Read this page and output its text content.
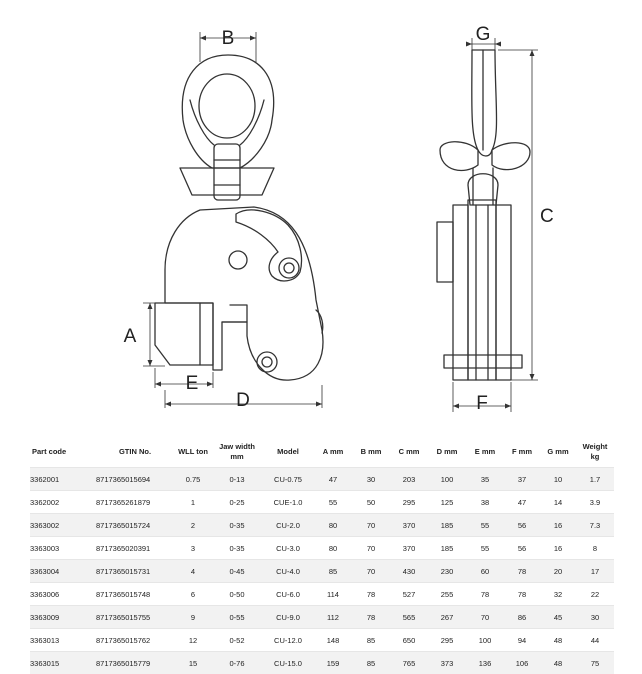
B	G
C
A
E
D	F
Part code	GTIN No.	WLL ton	Jaw width mm	Model	A mm	B mm	C mm	D mm	E mm	F mm	G mm	Weight kg
3362001	8717365015694	0.75	0-13	CU-0.75	47	30	203	100	35	37	10	1.7
3362002	8717365261879	1	0-25	CUE-1.0	55	50	295	125	38	47	14	3.9
3363002	8717365015724	2	0-35	CU-2.0	80	70	370	185	55	56	16	7.3
3363003	8717365020391	3	0-35	CU-3.0	80	70	370	185	55	56	16	8
3363004	8717365015731	4	0-45	CU-4.0	85	70	430	230	60	78	20	17
3363006	8717365015748	6	0-50	CU-6.0	114	78	527	255	78	78	32	22
3363009	8717365015755	9	0-55	CU-9.0	112	78	565	267	70	86	45	30
3363013	8717365015762	12	0-52	CU-12.0	148	85	650	295	100	94	48	44
3363015	8717365015779	15	0-76	CU-15.0	159	85	765	373	136	106	48	75
